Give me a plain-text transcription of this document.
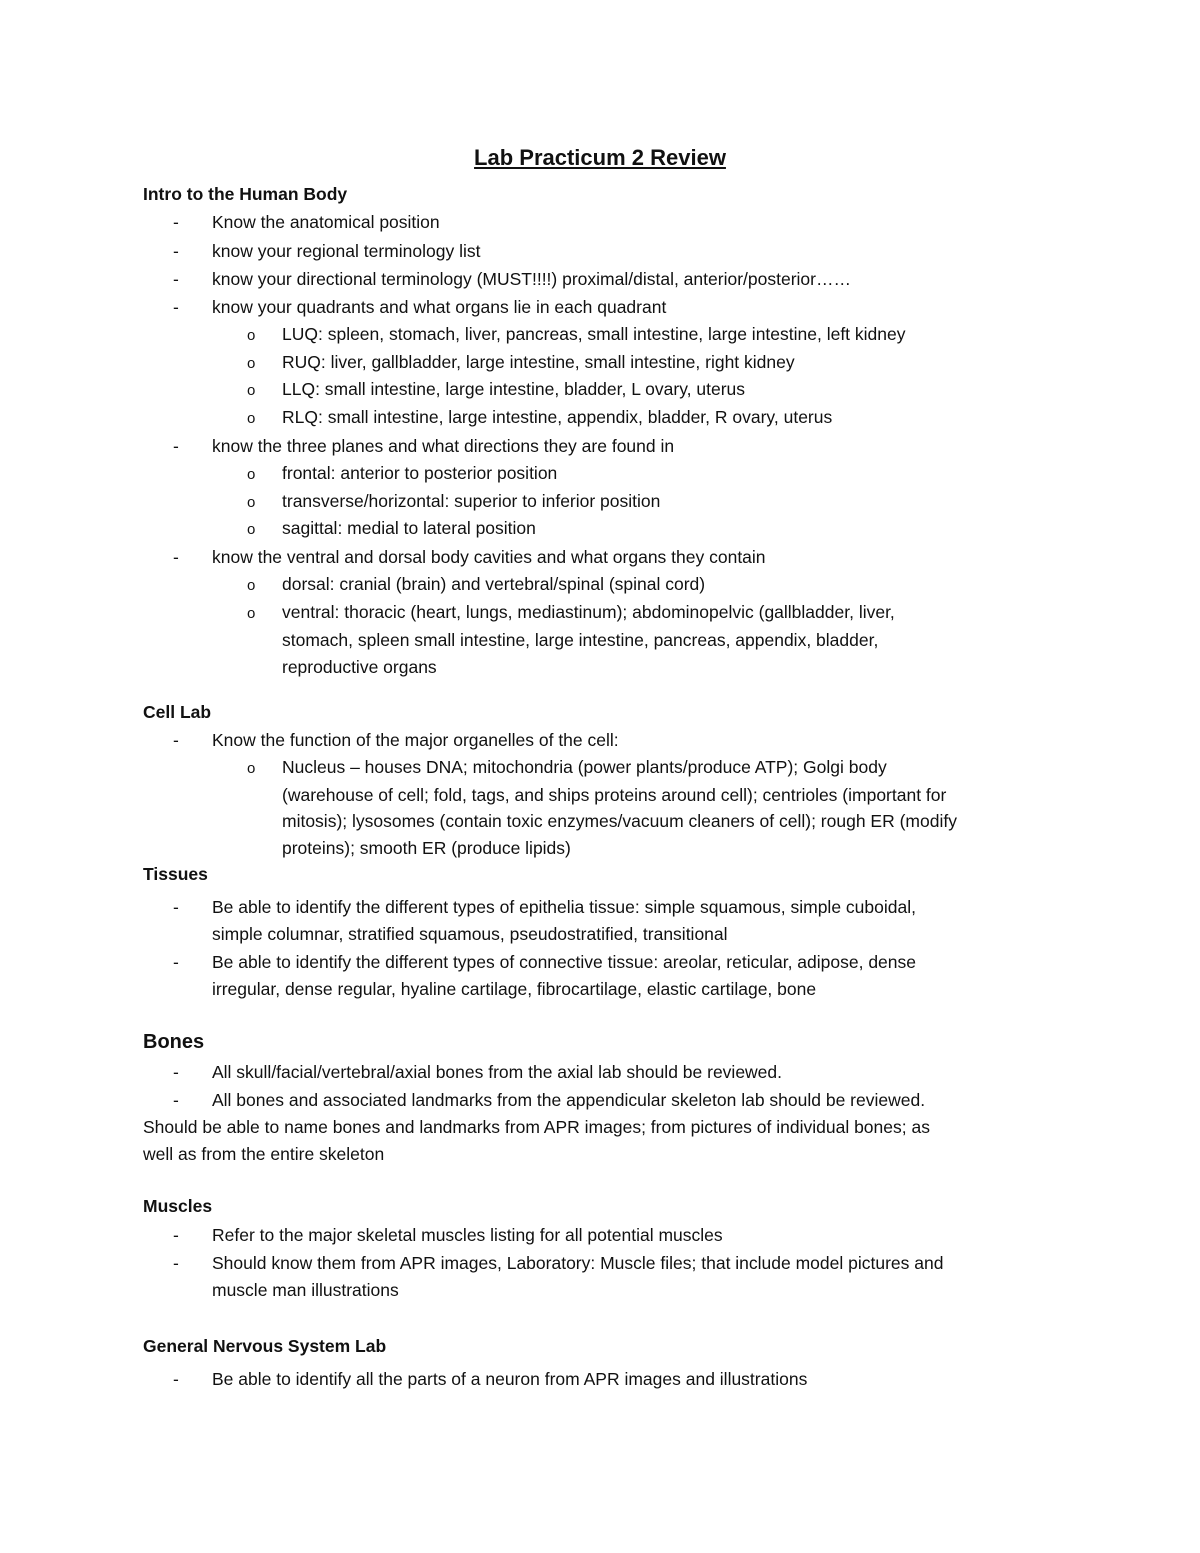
Lab Practicum 2 Review
Intro to the Human Body
- Know the anatomical position
- know your regional terminology list
- know your directional terminology (MUST!!!!) proximal/distal, anterior/posterior……
- know your quadrants and what organs lie in each quadrant
o LUQ: spleen, stomach, liver, pancreas, small intestine, large intestine, left kidney
o RUQ: liver, gallbladder, large intestine, small intestine, right kidney
o LLQ: small intestine, large intestine, bladder, L ovary, uterus
o RLQ: small intestine, large intestine, appendix, bladder, R ovary, uterus
- know the three planes and what directions they are found in
o frontal: anterior to posterior position
o transverse/horizontal: superior to inferior position
o sagittal: medial to lateral position
- know the ventral and dorsal body cavities and what organs they contain
o dorsal: cranial (brain) and vertebral/spinal (spinal cord)
o ventral: thoracic (heart, lungs, mediastinum); abdominopelvic (gallbladder, liver,
stomach, spleen small intestine, large intestine, pancreas, appendix, bladder,
reproductive organs
Cell Lab
- Know the function of the major organelles of the cell:
o Nucleus – houses DNA; mitochondria (power plants/produce ATP); Golgi body
(warehouse of cell; fold, tags, and ships proteins around cell); centrioles (important for
mitosis); lysosomes (contain toxic enzymes/vacuum cleaners of cell); rough ER (modify
proteins); smooth ER (produce lipids)
Tissues
- Be able to identify the different types of epithelia tissue: simple squamous, simple cuboidal,
simple columnar, stratified squamous, pseudostratified, transitional
- Be able to identify the different types of connective tissue: areolar, reticular, adipose, dense
irregular, dense regular, hyaline cartilage, fibrocartilage, elastic cartilage, bone
Bones
- All skull/facial/vertebral/axial bones from the axial lab should be reviewed.
- All bones and associated landmarks from the appendicular skeleton lab should be reviewed.
Should be able to name bones and landmarks from APR images; from pictures of individual bones; as
well as from the entire skeleton
Muscles
- Refer to the major skeletal muscles listing for all potential muscles
- Should know them from APR images, Laboratory: Muscle files; that include model pictures and
muscle man illustrations
General Nervous System Lab
- Be able to identify all the parts of a neuron from APR images and illustrations
